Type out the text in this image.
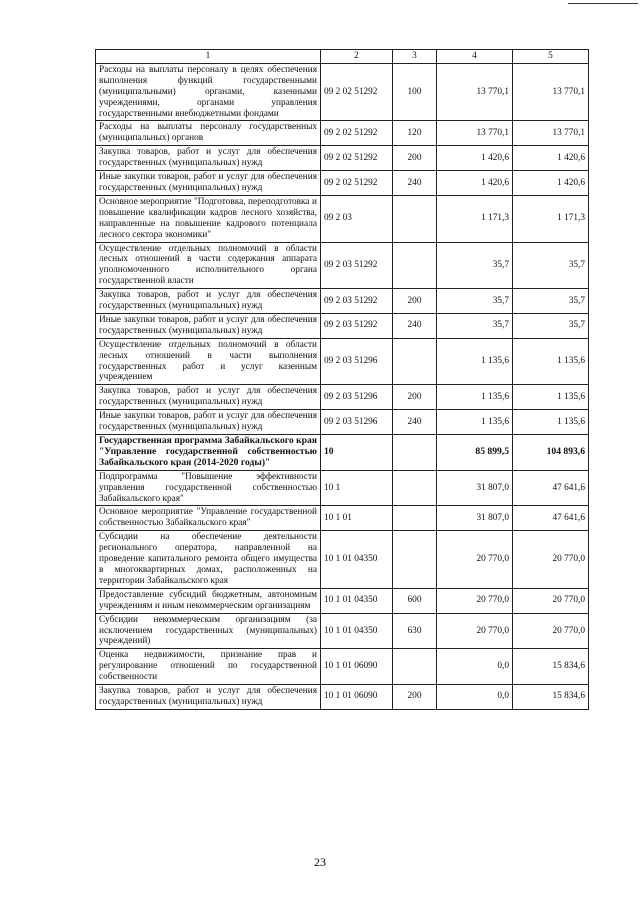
1	2	3	4	5
Расходы на выплаты персоналу в целях обеспечения выполнения функций государственными (муниципальными) органами, казенными учреждениями, органами управления государственными внебюджетными фондами	09 2 02 51292	100	13 770,1	13 770,1
Расходы на выплаты персоналу государственных (муниципальных) органов	09 2 02 51292	120	13 770,1	13 770,1
Закупка товаров, работ и услуг для обеспечения государственных (муниципальных) нужд	09 2 02 51292	200	1 420,6	1 420,6
Иные закупки товаров, работ и услуг для обеспечения государственных (муниципальных) нужд	09 2 02 51292	240	1 420,6	1 420,6
Основное мероприятие "Подготовка, переподготовка и повышение квалификации кадров лесного хозяйства, направленные на повышение кадрового потенциала лесного сектора экономики"	09 2 03		1 171,3	1 171,3
Осуществление отдельных полномочий в области лесных отношений в части содержания аппарата уполномоченного исполнительного органа государственной власти	09 2 03 51292		35,7	35,7
Закупка товаров, работ и услуг для обеспечения государственных (муниципальных) нужд	09 2 03 51292	200	35,7	35,7
Иные закупки товаров, работ и услуг для обеспечения государственных (муниципальных) нужд	09 2 03 51292	240	35,7	35,7
Осуществление отдельных полномочий в области лесных отношений в части выполнения государственных работ и услуг казенным учреждением	09 2 03 51296		1 135,6	1 135,6
Закупка товаров, работ и услуг для обеспечения государственных (муниципальных) нужд	09 2 03 51296	200	1 135,6	1 135,6
Иные закупки товаров, работ и услуг для обеспечения государственных (муниципальных) нужд	09 2 03 51296	240	1 135,6	1 135,6
Государственная программа Забайкальского края "Управление государственной собственностью Забайкальского края (2014-2020 годы)"	10		85 899,5	104 893,6
Подпрограмма "Повышение эффективности управления государственной собственностью Забайкальского края"	10 1		31 807,0	47 641,6
Основное мероприятие "Управление государственной собственностью Забайкальского края"	10 1 01		31 807,0	47 641,6
Субсидии на обеспечение деятельности регионального оператора, направленной на проведение капитального ремонта общего имущества в многоквартирных домах, расположенных на территории Забайкальского края	10 1 01 04350		20 770,0	20 770,0
Предоставление субсидий бюджетным, автономным учреждениям и иным некоммерческим организациям	10 1 01 04350	600	20 770,0	20 770,0
Субсидии некоммерческим организациям (за исключением государственных (муниципальных) учреждений)	10 1 01 04350	630	20 770,0	20 770,0
Оценка недвижимости, признание прав и регулирование отношений по государственной собственности	10 1 01 06090		0,0	15 834,6
Закупка товаров, работ и услуг для обеспечения государственных (муниципальных) нужд	10 1 01 06090	200	0,0	15 834,6
23
